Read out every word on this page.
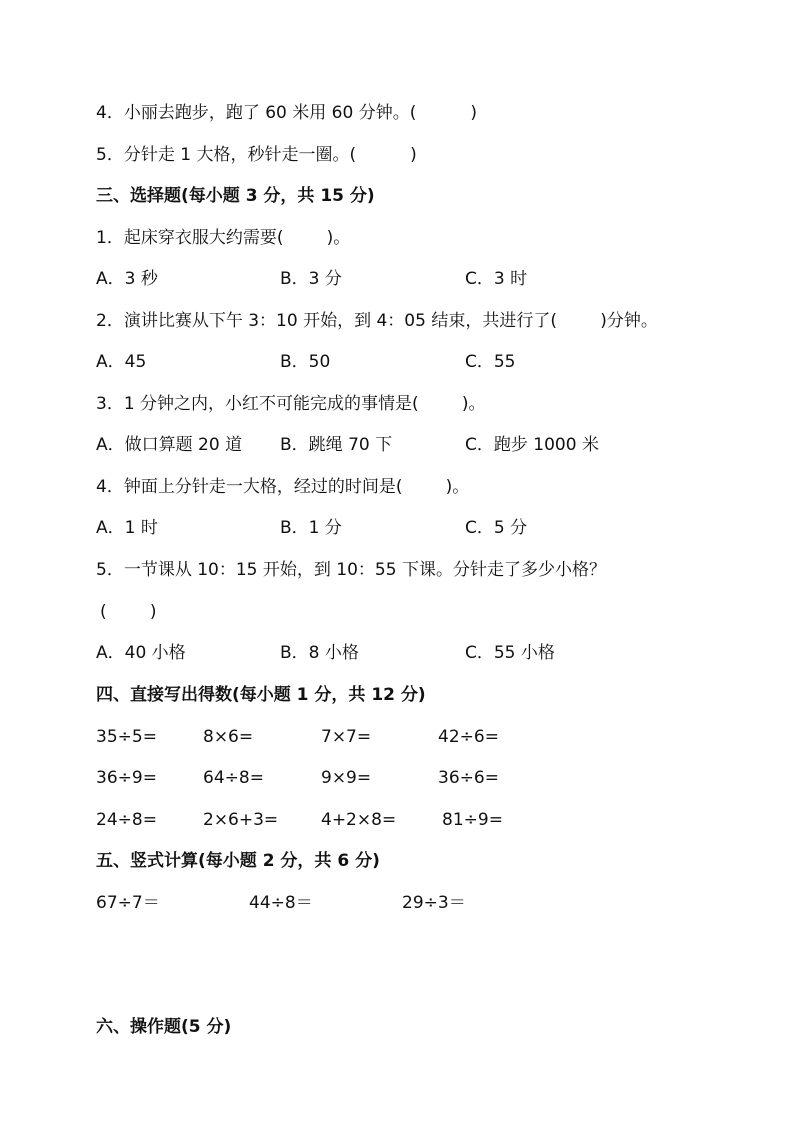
4．小丽去跑步，跑了 60 米用 60 分钟。(          )
5．分针走 1 大格，秒针走一圈。(          )
三、选择题(每小题 3 分，共 15 分)
1．起床穿衣服大约需要(        )。
A．3 秒	B．3 分	C．3 时
2．演讲比赛从下午 3：10 开始，到 4：05 结束，共进行了(        )分钟。
A．45	B．50	C．55
3．1 分钟之内，小红不可能完成的事情是(        )。
A．做口算题 20 道 B．跳绳 70 下	C．跑步 1000 米
4．钟面上分针走一大格，经过的时间是(        )。
A．1 时	B．1 分	C．5 分
5．一节课从 10：15 开始，到 10：55 下课。分针走了多少小格？
(        )
A．40 小格	B．8 小格	C．55 小格
四、直接写出得数(每小题 1 分，共 12 分)
35÷5=	8×6=	7×7=	42÷6=
36÷9=	64÷8=	9×9=	36÷6=
24÷8=	2×6+3=	4+2×8=	81÷9=
五、竖式计算(每小题 2 分，共 6 分)
67÷7＝	44÷8＝	29÷3＝
六、操作题(5 分)
